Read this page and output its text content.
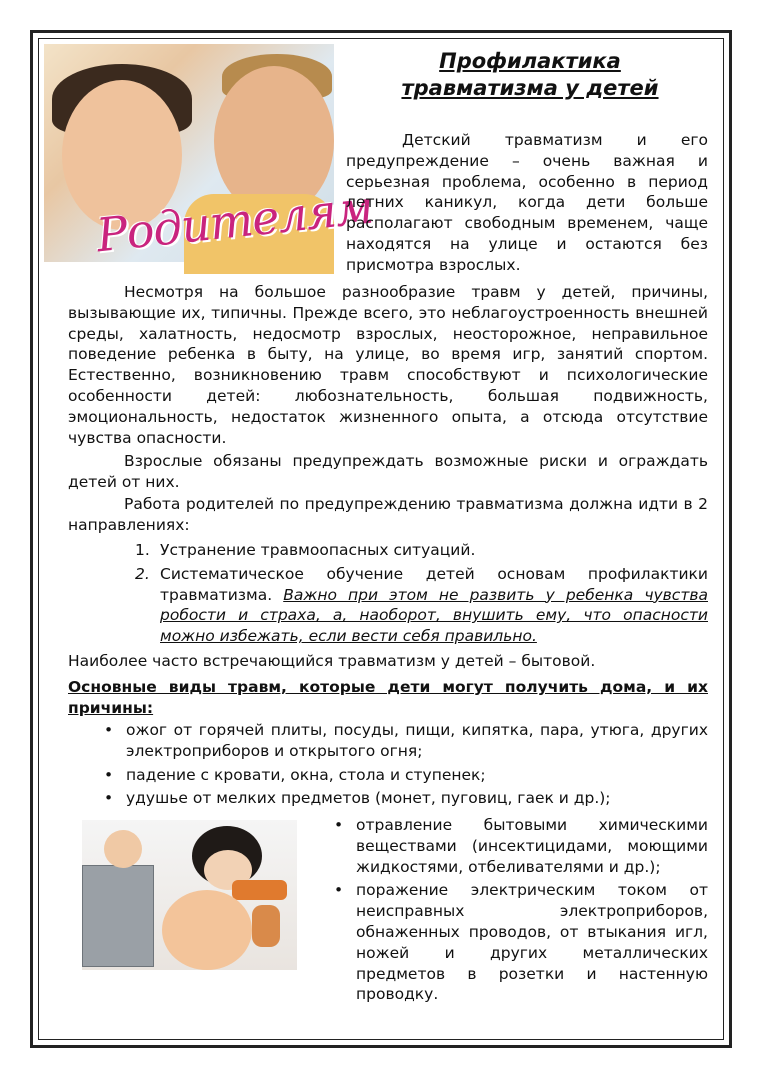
Родителям
Профилактика
травматизма у детей

Детский травматизм и его предупреждение – очень важная и серьезная проблема, особенно в период летних каникул, когда дети больше располагают свободным временем, чаще находятся на улице и остаются без присмотра взрослых.

Несмотря на большое разнообразие травм у детей, причины, вызывающие их, типичны. Прежде всего, это неблагоустроенность внешней среды, халатность, недосмотр взрослых, неосторожное, неправильное поведение ребенка в быту, на улице, во время игр, занятий спортом. Естественно, возникновению травм способствуют и психологические особенности детей: любознательность, большая подвижность, эмоциональность, недостаток жизненного опыта, а отсюда отсутствие чувства опасности.

Взрослые обязаны предупреждать возможные риски и ограждать детей от них.

Работа родителей по предупреждению травматизма должна идти в 2 направлениях:

1. Устранение травмоопасных ситуаций.
2. Систематическое обучение детей основам профилактики травматизма. Важно при этом не развить у ребенка чувства робости и страха, а, наоборот, внушить ему, что опасности можно избежать, если вести себя правильно.

Наиболее часто встречающийся травматизм у детей – бытовой.

Основные виды травм, которые дети могут получить дома, и их причины:
• ожог от горячей плиты, посуды, пищи, кипятка, пара, утюга, других электроприборов и открытого огня;
• падение с кровати, окна, стола и ступенек;
• удушье от мелких предметов (монет, пуговиц, гаек и др.);
• отравление бытовыми химическими веществами (инсектицидами, моющими жидкостями, отбеливателями и др.);
• поражение электрическим током от неисправных электроприборов, обнаженных проводов, от втыкания игл, ножей и других металлических предметов в розетки и настенную проводку.
